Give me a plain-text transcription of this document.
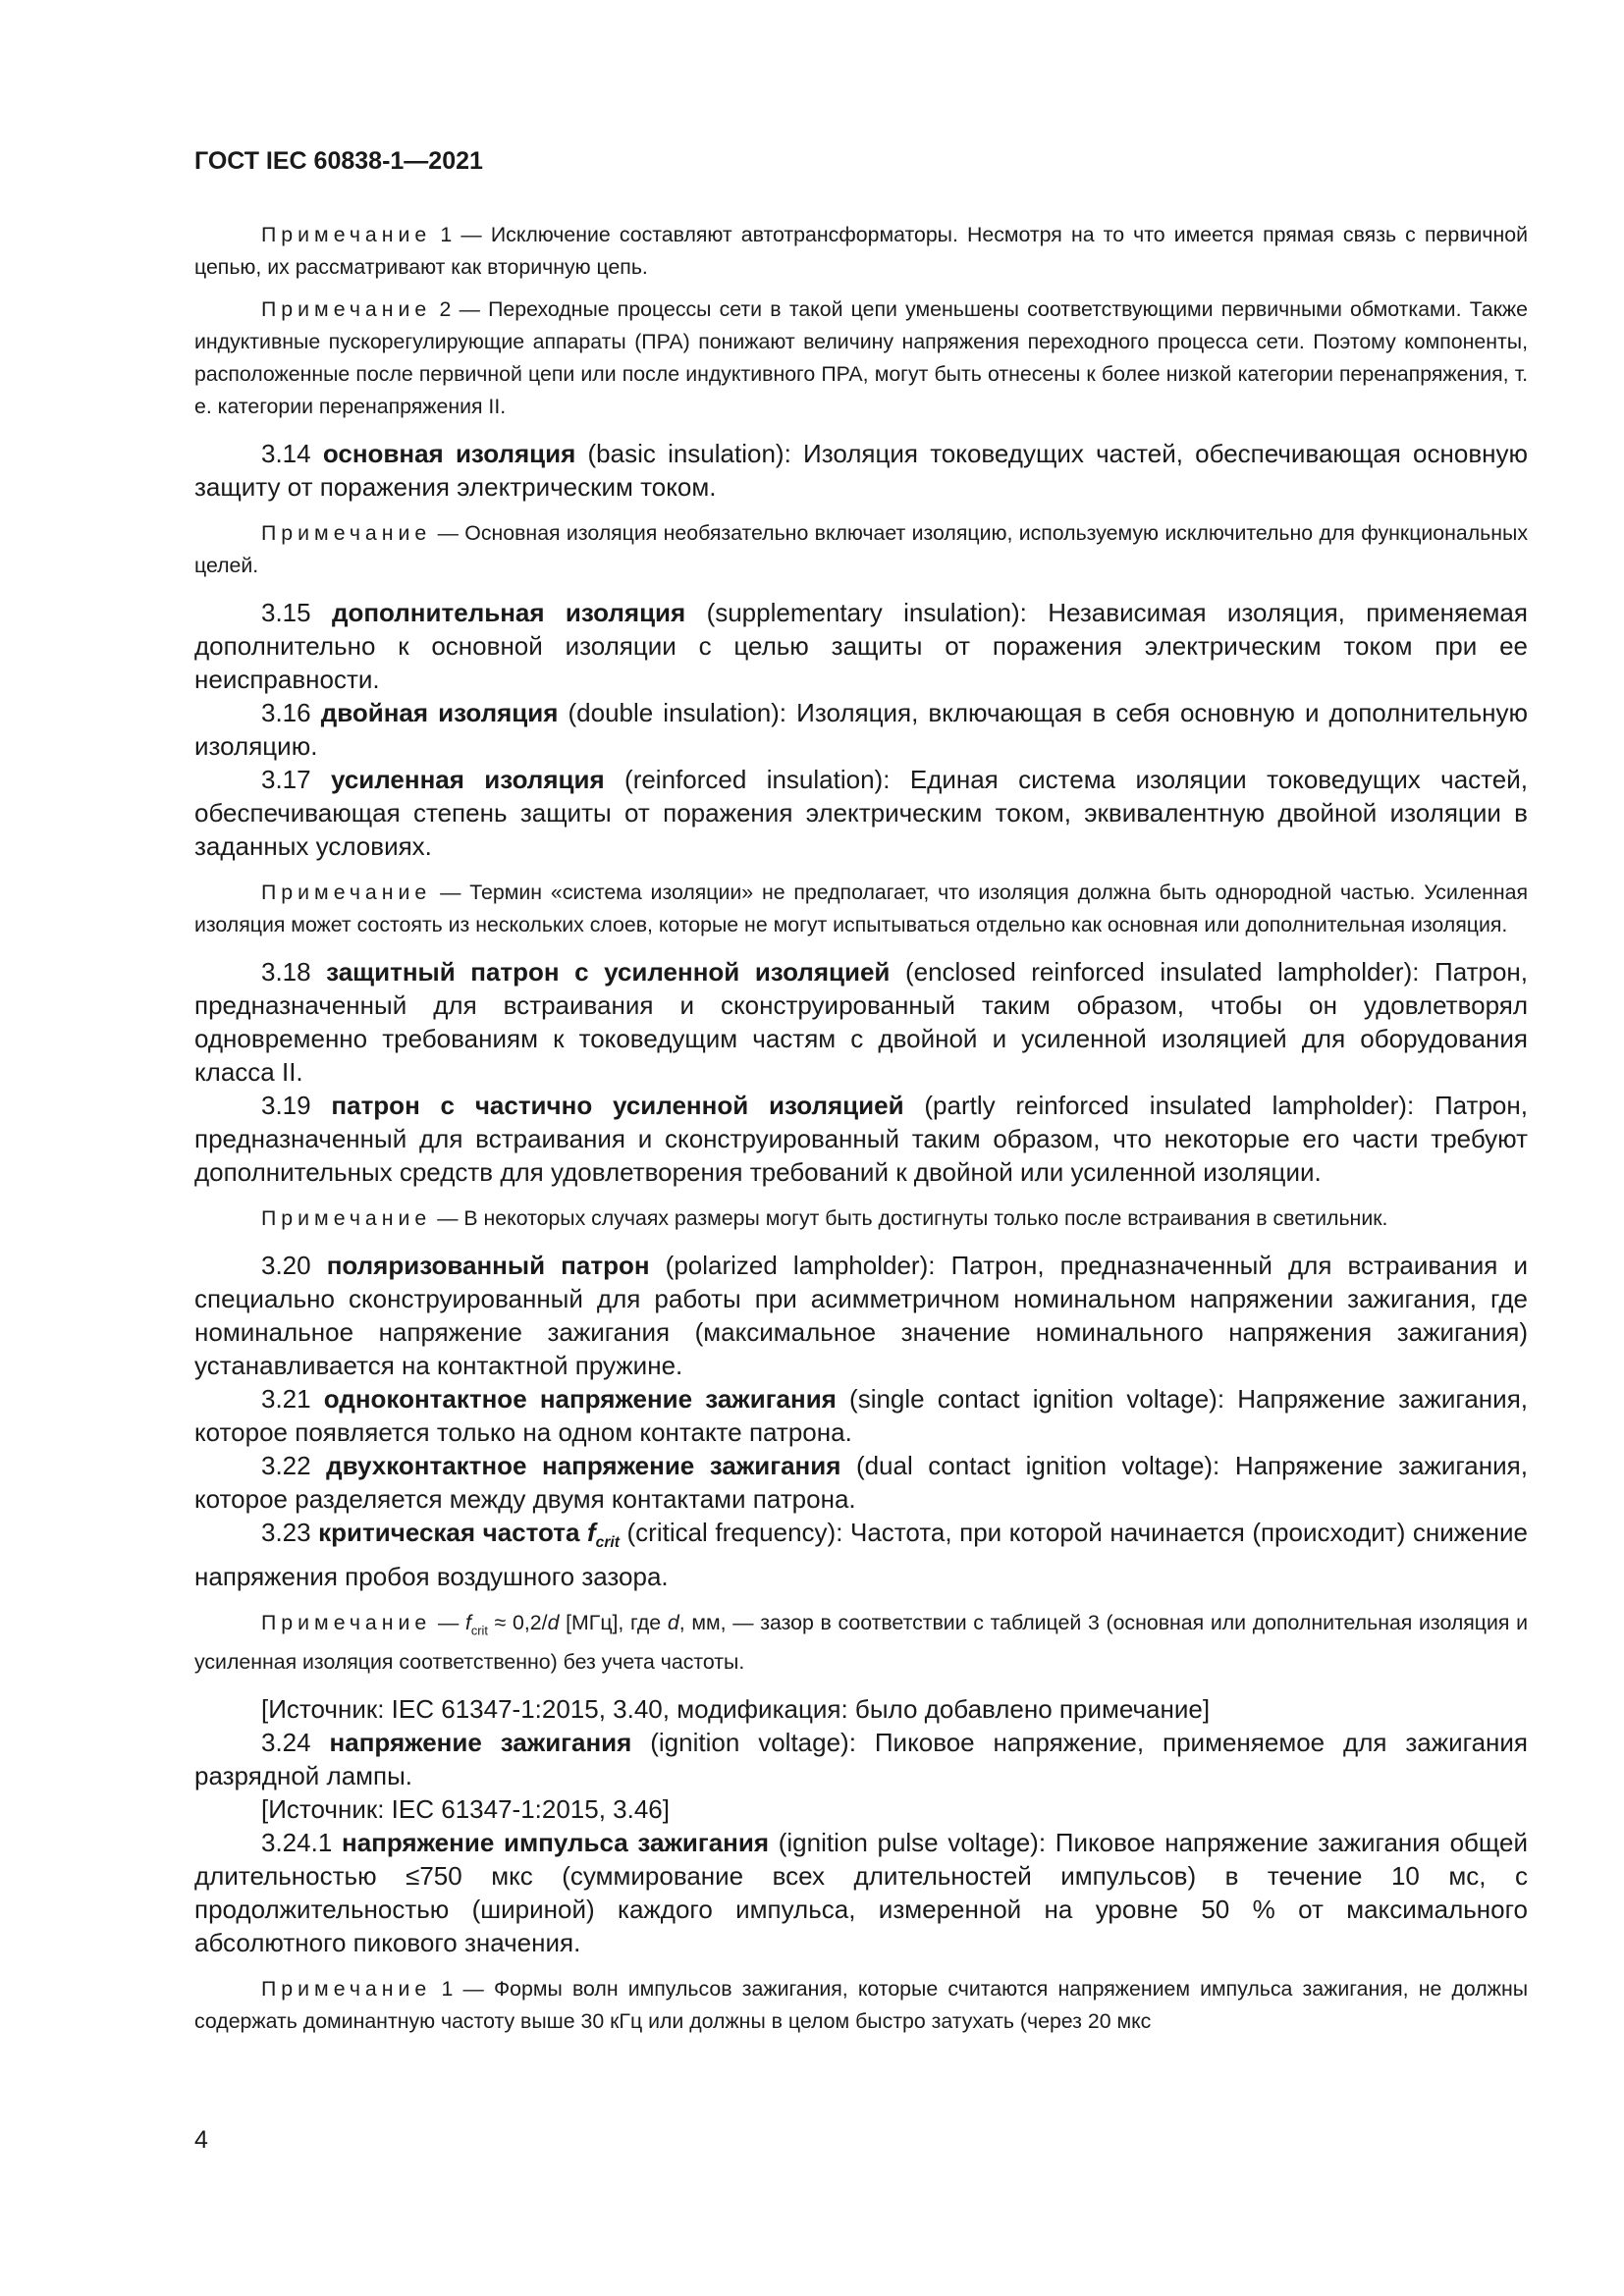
ГОСТ IEC 60838-1—2021

Примечание 1 — Исключение составляют автотрансформаторы. Несмотря на то что имеется прямая связь с первичной цепью, их рассматривают как вторичную цепь.

Примечание 2 — Переходные процессы сети в такой цепи уменьшены соответствующими первичными обмотками. Также индуктивные пускорегулирующие аппараты (ПРА) понижают величину напряжения переходного процесса сети. Поэтому компоненты, расположенные после первичной цепи или после индуктивного ПРА, могут быть отнесены к более низкой категории перенапряжения, т. е. категории перенапряжения II.

3.14 основная изоляция (basic insulation): Изоляция токоведущих частей, обеспечивающая основную защиту от поражения электрическим током.

Примечание — Основная изоляция необязательно включает изоляцию, используемую исключительно для функциональных целей.

3.15 дополнительная изоляция (supplementary insulation): Независимая изоляция, применяемая дополнительно к основной изоляции с целью защиты от поражения электрическим током при ее неисправности.

3.16 двойная изоляция (double insulation): Изоляция, включающая в себя основную и дополнительную изоляцию.

3.17 усиленная изоляция (reinforced insulation): Единая система изоляции токоведущих частей, обеспечивающая степень защиты от поражения электрическим током, эквивалентную двойной изоляции в заданных условиях.

Примечание — Термин «система изоляции» не предполагает, что изоляция должна быть однородной частью. Усиленная изоляция может состоять из нескольких слоев, которые не могут испытываться отдельно как основная или дополнительная изоляция.

3.18 защитный патрон с усиленной изоляцией (enclosed reinforced insulated lampholder): Патрон, предназначенный для встраивания и сконструированный таким образом, чтобы он удовлетворял одновременно требованиям к токоведущим частям с двойной и усиленной изоляцией для оборудования класса II.

3.19 патрон с частично усиленной изоляцией (partly reinforced insulated lampholder): Патрон, предназначенный для встраивания и сконструированный таким образом, что некоторые его части требуют дополнительных средств для удовлетворения требований к двойной или усиленной изоляции.

Примечание — В некоторых случаях размеры могут быть достигнуты только после встраивания в светильник.

3.20 поляризованный патрон (polarized lampholder): Патрон, предназначенный для встраивания и специально сконструированный для работы при асимметричном номинальном напряжении зажигания, где номинальное напряжение зажигания (максимальное значение номинального напряжения зажигания) устанавливается на контактной пружине.

3.21 одноконтактное напряжение зажигания (single contact ignition voltage): Напряжение зажигания, которое появляется только на одном контакте патрона.

3.22 двухконтактное напряжение зажигания (dual contact ignition voltage): Напряжение зажигания, которое разделяется между двумя контактами патрона.

3.23 критическая частота $f_{crit}$ (critical frequency): Частота, при которой начинается (происходит) снижение напряжения пробоя воздушного зазора.

Примечание — $f_{crit} \approx 0,2/d$ [МГц], где d, мм, — зазор в соответствии с таблицей 3 (основная или дополнительная изоляция и усиленная изоляция соответственно) без учета частоты.

[Источник: IEC 61347-1:2015, 3.40, модификация: было добавлено примечание]

3.24 напряжение зажигания (ignition voltage): Пиковое напряжение, применяемое для зажигания разрядной лампы.

[Источник: IEC 61347-1:2015, 3.46]

3.24.1 напряжение импульса зажигания (ignition pulse voltage): Пиковое напряжение зажигания общей длительностью ≤750 мкс (суммирование всех длительностей импульсов) в течение 10 мс, с продолжительностью (шириной) каждого импульса, измеренной на уровне 50 % от максимального абсолютного пикового значения.

Примечание 1 — Формы волн импульсов зажигания, которые считаются напряжением импульса зажигания, не должны содержать доминантную частоту выше 30 кГц или должны в целом быстро затухать (через 20 мкс

4
